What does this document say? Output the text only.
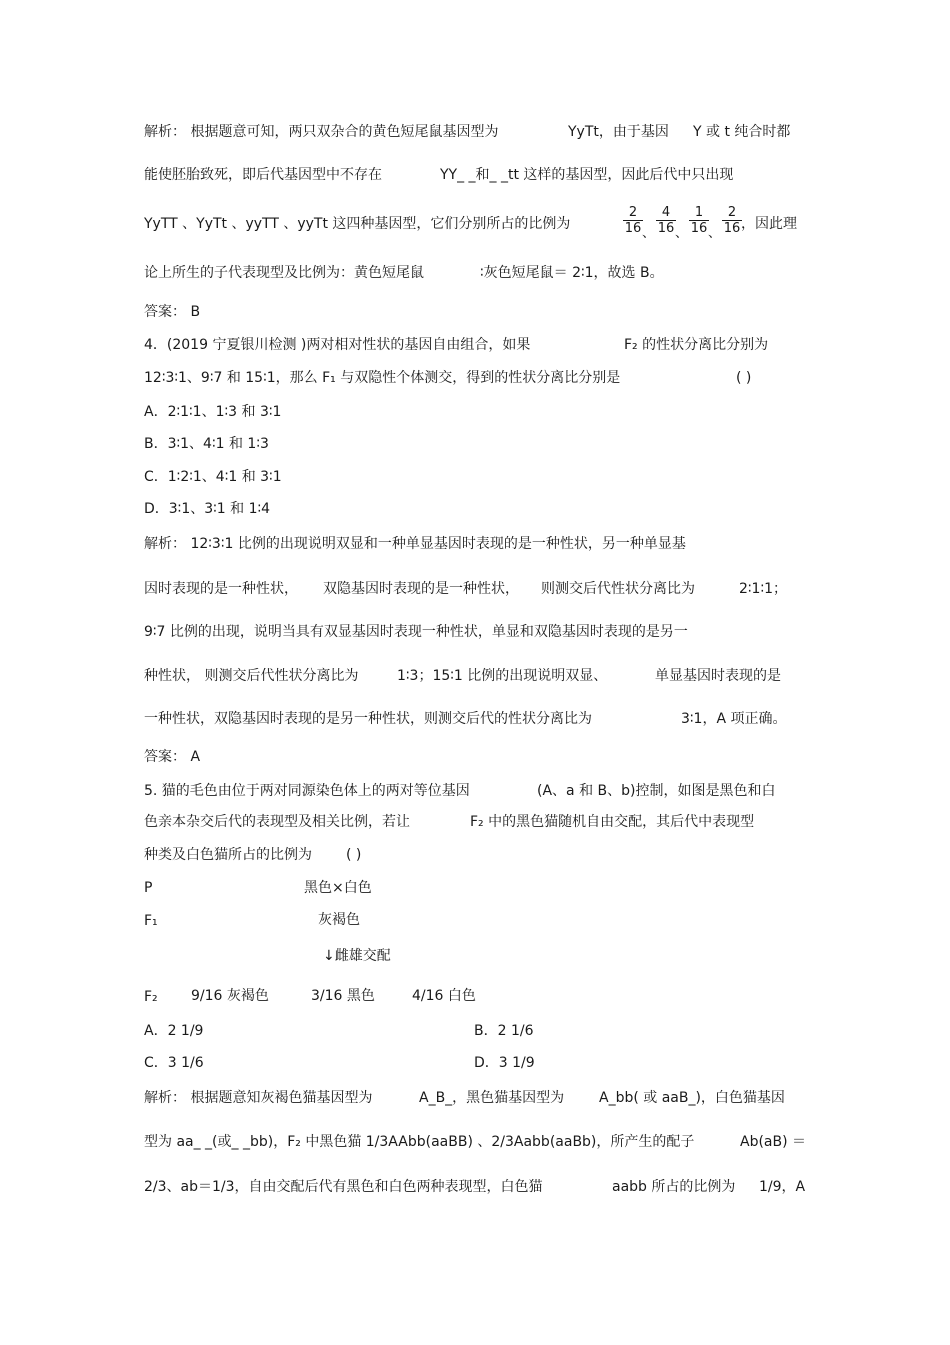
解析： 根据题意可知，两只双杂合的黄色短尾鼠基因型为	YyTt，由于基因 Y 或 t 纯合时都
能使胚胎致死，即后代基因型中不存在	YY_ _和_ _tt 这样的基因型，因此后代中只出现
YyTT 、YyTt 、yyTT 、yyTt 这四种基因型，它们分别所占的比例为
2
16 、
4
16 、
1
16 、
2
16 ，因此理
论上所生的子代表现型及比例为：黄色短尾鼠	∶灰色短尾鼠＝ 2∶1，故选 B。
答案： B
4．(2019 宁夏银川检测 )两对相对性状的基因自由组合，如果	F₂ 的性状分离比分别为
12∶3∶1、9∶7 和 15∶1，那么 F₁ 与双隐性个体测交，得到的性状分离比分别是	( )
A．2∶1∶1、1∶3 和 3∶1
B．3∶1、4∶1 和 1∶3
C．1∶2∶1、4∶1 和 3∶1
D．3∶1、3∶1 和 1∶4
解析： 12∶3∶1 比例的出现说明双显和一种单显基因时表现的是一种性状，另一种单显基
因时表现的是一种性状， 双隐基因时表现的是一种性状， 则测交后代性状分离比为	2∶1∶1；
9∶7 比例的出现，说明当具有双显基因时表现一种性状，单显和双隐基因时表现的是另一
种性状， 则测交后代性状分离比为	1∶3；15∶1 比例的出现说明双显、	单显基因时表现的是
一种性状，双隐基因时表现的是另一种性状，则测交后代的性状分离比为	3∶1，A 项正确。
答案： A
5. 猫的毛色由位于两对同源染色体上的两对等位基因	(A、a 和 B、b)控制，如图是黑色和白
色亲本杂交后代的表现型及相关比例，若让	F₂ 中的黑色猫随机自由交配，其后代中表现型
种类及白色猫所占的比例为 ( )
P	黑色×白色
F₁	灰褐色
↓雌雄交配
F₂ 9/16 灰褐色	3/16 黑色	4/16 白色
A．2 1/9	B．2 1/6
C．3 1/6	D．3 1/9
解析： 根据题意知灰褐色猫基因型为	A_B_，黑色猫基因型为 A_bb( 或 aaB_)，白色猫基因
型为 aa_ _(或_ _bb)，F₂ 中黑色猫 1/3AAbb(aaBB) 、2/3Aabb(aaBb)，所产生的配子	Ab(aB) ＝
2/3、ab＝1/3，自由交配后代有黑色和白色两种表现型，白色猫	aabb 所占的比例为 1/9，A
